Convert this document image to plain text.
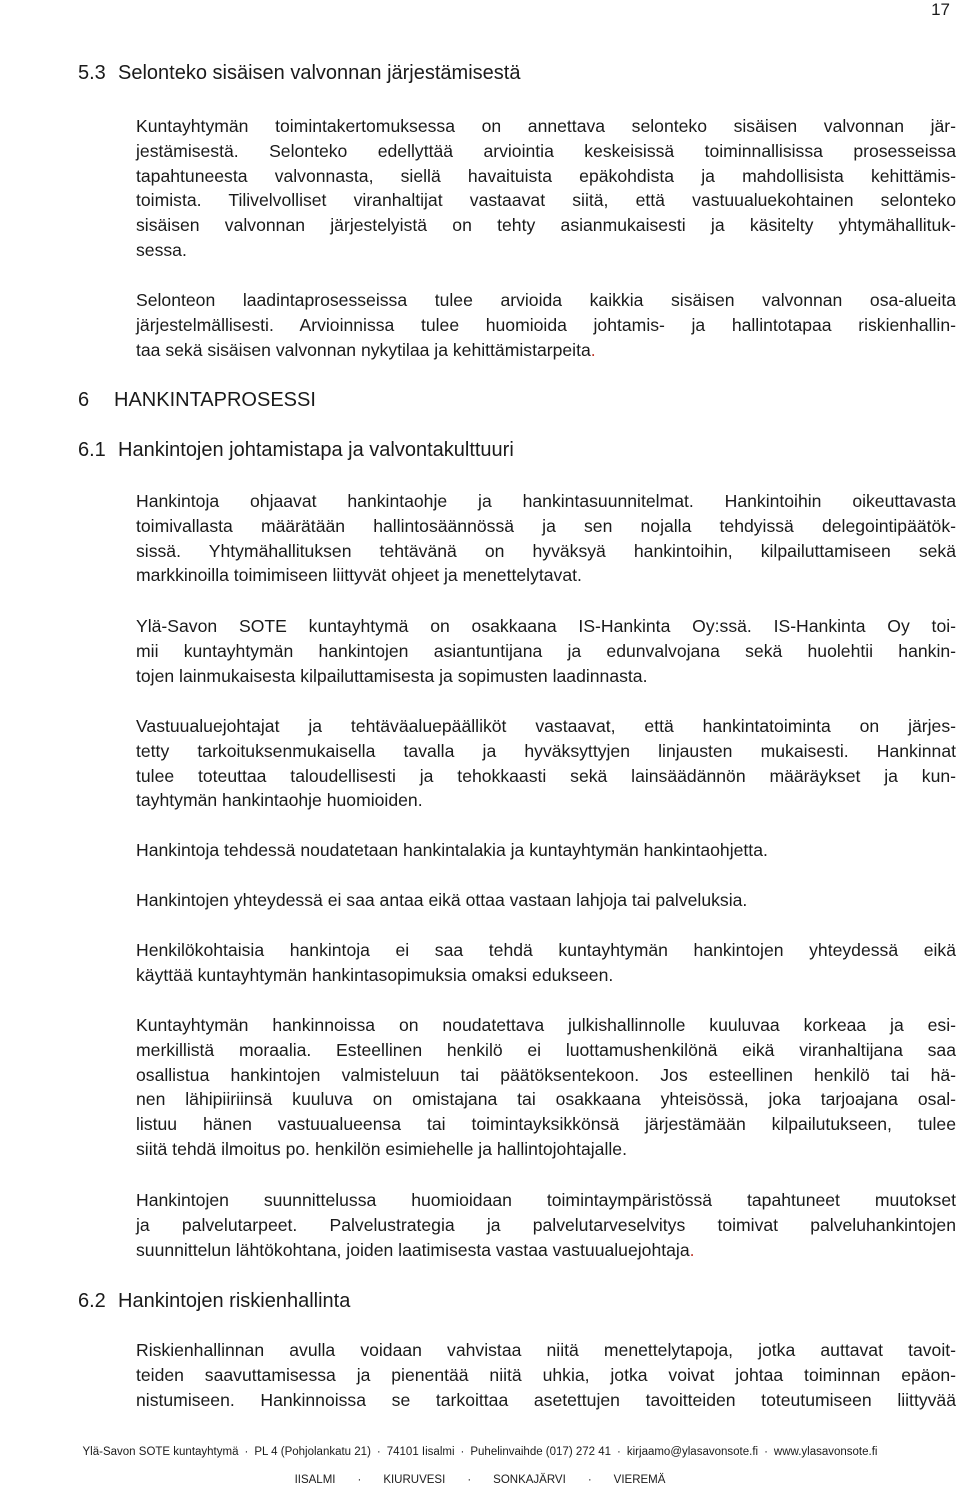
17
5.3 Selonteko sisäisen valvonnan järjestämisestä
Kuntayhtymän toimintakertomuksessa on annettava selonteko sisäisen valvonnan jär-
jestämisestä. Selonteko edellyttää arviointia keskeisissä toiminnallisissa prosesseissa
tapahtuneesta valvonnasta, siellä havaituista epäkohdista ja mahdollisista kehittämis-
toimista. Tilivelvolliset viranhaltijat vastaavat siitä, että vastuualuekohtainen selonteko
sisäisen valvonnan järjestelyistä on tehty asianmukaisesti ja käsitelty yhtymähallituk-
sessa.
Selonteon laadintaprosesseissa tulee arvioida kaikkia sisäisen valvonnan osa-alueita
järjestelmällisesti. Arvioinnissa tulee huomioida johtamis- ja hallintotapaa riskienhallin-
taa sekä sisäisen valvonnan nykytilaa ja kehittämistarpeita.
6 HANKINTAPROSESSI
6.1 Hankintojen johtamistapa ja valvontakulttuuri
Hankintoja ohjaavat hankintaohje ja hankintasuunnitelmat. Hankintoihin oikeuttavasta
toimivallasta määrätään hallintosäännössä ja sen nojalla tehdyissä delegointipäätök-
sissä. Yhtymähallituksen tehtävänä on hyväksyä hankintoihin, kilpailuttamiseen sekä
markkinoilla toimimiseen liittyvät ohjeet ja menettelytavat.
Ylä-Savon SOTE kuntayhtymä on osakkaana IS-Hankinta Oy:ssä. IS-Hankinta Oy toi-
mii kuntayhtymän hankintojen asiantuntijana ja edunvalvojana sekä huolehtii hankin-
tojen lainmukaisesta kilpailuttamisesta ja sopimusten laadinnasta.
Vastuualuejohtajat ja tehtäväaluepäälliköt vastaavat, että hankintatoiminta on järjes-
tetty tarkoituksenmukaisella tavalla ja hyväksyttyjen linjausten mukaisesti. Hankinnat
tulee toteuttaa taloudellisesti ja tehokkaasti sekä lainsäädännön määräykset ja kun-
tayhtymän hankintaohje huomioiden.
Hankintoja tehdessä noudatetaan hankintalakia ja kuntayhtymän hankintaohjetta.
Hankintojen yhteydessä ei saa antaa eikä ottaa vastaan lahjoja tai palveluksia.
Henkilökohtaisia hankintoja ei saa tehdä kuntayhtymän hankintojen yhteydessä eikä
käyttää kuntayhtymän hankintasopimuksia omaksi edukseen.
Kuntayhtymän hankinnoissa on noudatettava julkishallinnolle kuuluvaa korkeaa ja esi-
merkillistä moraalia. Esteellinen henkilö ei luottamushenkilönä eikä viranhaltijana saa
osallistua hankintojen valmisteluun tai päätöksentekoon. Jos esteellinen henkilö tai hä-
nen lähipiiriinsä kuuluva on omistajana tai osakkaana yhteisössä, joka tarjoajana osal-
listuu hänen vastuualueensa tai toimintayksikkönsä järjestämään kilpailutukseen, tulee
siitä tehdä ilmoitus po. henkilön esimiehelle ja hallintojohtajalle.
Hankintojen suunnittelussa huomioidaan toimintaympäristössä tapahtuneet muutokset
ja palvelutarpeet. Palvelustrategia ja palvelutarveselvitys toimivat palveluhankintojen
suunnittelun lähtökohtana, joiden laatimisesta vastaa vastuualuejohtaja.
6.2 Hankintojen riskienhallinta
Riskienhallinnan avulla voidaan vahvistaa niitä menettelytapoja, jotka auttavat tavoit-
teiden saavuttamisessa ja pienentää niitä uhkia, jotka voivat johtaa toiminnan epäon-
nistumiseen. Hankinnoissa se tarkoittaa asetettujen tavoitteiden toteutumiseen liittyvää
Ylä-Savon SOTE kuntayhtymä · PL 4 (Pohjolankatu 21) · 74101 Iisalmi · Puhelinvaihde (017) 272 41 · kirjaamo@ylasavonsote.fi · www.ylasavonsote.fi
IISALMI · KIURUVESI · SONKAJÄRVI · VIEREMÄ
